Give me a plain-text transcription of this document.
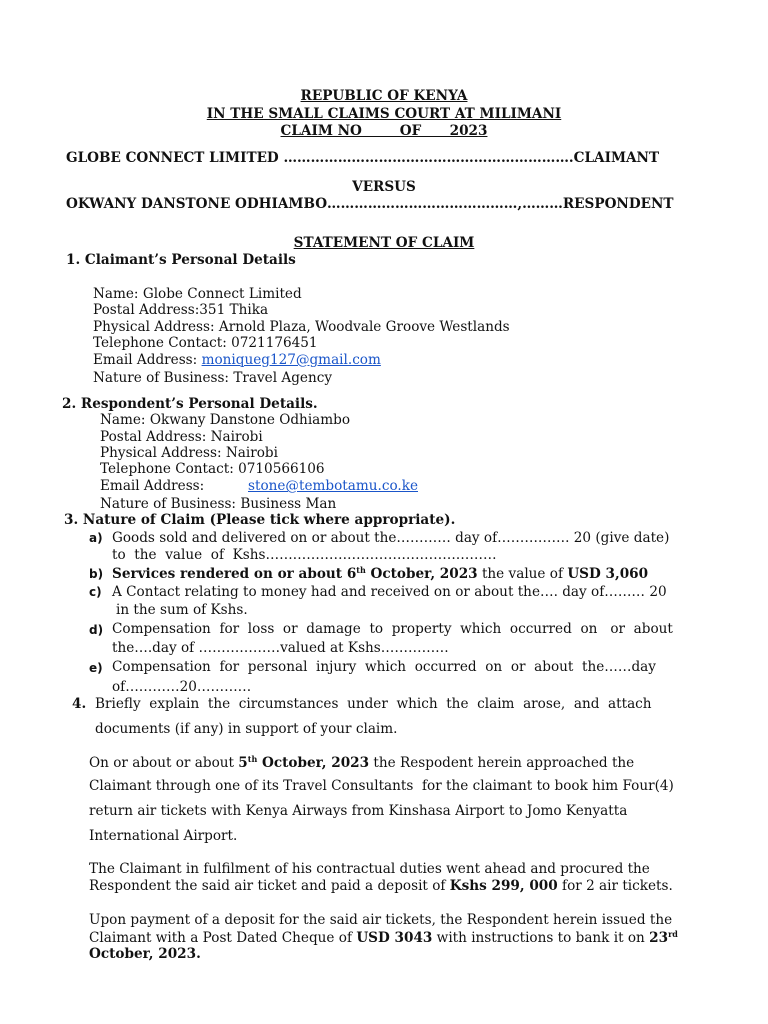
REPUBLIC OF KENYA
IN THE SMALL CLAIMS COURT AT MILIMANI
CLAIM NO        OF      2023
GLOBE CONNECT LIMITED ……………………………………………………….CLAIMANT
VERSUS
OKWANY DANSTONE ODHIAMBO……………………………………,………RESPONDENT
STATEMENT OF CLAIM
1. Claimant’s Personal Details
Name: Globe Connect Limited
Postal Address:351 Thika
Physical Address: Arnold Plaza, Woodvale Groove Westlands
Telephone Contact: 0721176451
Email Address: moniqueg127@gmail.com
Nature of Business: Travel Agency
2. Respondent’s Personal Details.
Name: Okwany Danstone Odhiambo
Postal Address: Nairobi
Physical Address: Nairobi
Telephone Contact: 0710566106
Email Address:	stone@tembotamu.co.ke
Nature of Business: Business Man
3. Nature of Claim (Please tick where appropriate).
a) Goods sold and delivered on or about the………… day of……………. 20 (give date)
to  the  value  of  Kshs……………………………………………
b) Services rendered on or about 6th October, 2023 the value of USD 3,060
c) A Contact relating to money had and received on or about the…. day of……… 20
in the sum of Kshs.
d) Compensation  for  loss  or  damage  to  property  which  occurred  on   or  about
the….day of ………………valued at Kshs……………
e) Compensation  for  personal  injury  which  occurred  on  or  about  the……day
of…………20…………
4. Briefly  explain  the  circumstances  under  which  the  claim  arose,  and  attach
documents (if any) in support of your claim.
On or about or about 5th October, 2023 the Respodent herein approached the
Claimant through one of its Travel Consultants  for the claimant to book him Four(4)
return air tickets with Kenya Airways from Kinshasa Airport to Jomo Kenyatta
International Airport.
The Claimant in fulfilment of his contractual duties went ahead and procured the
Respondent the said air ticket and paid a deposit of Kshs 299, 000 for 2 air tickets.
Upon payment of a deposit for the said air tickets, the Respondent herein issued the
Claimant with a Post Dated Cheque of USD 3043 with instructions to bank it on 23rd
October, 2023.
